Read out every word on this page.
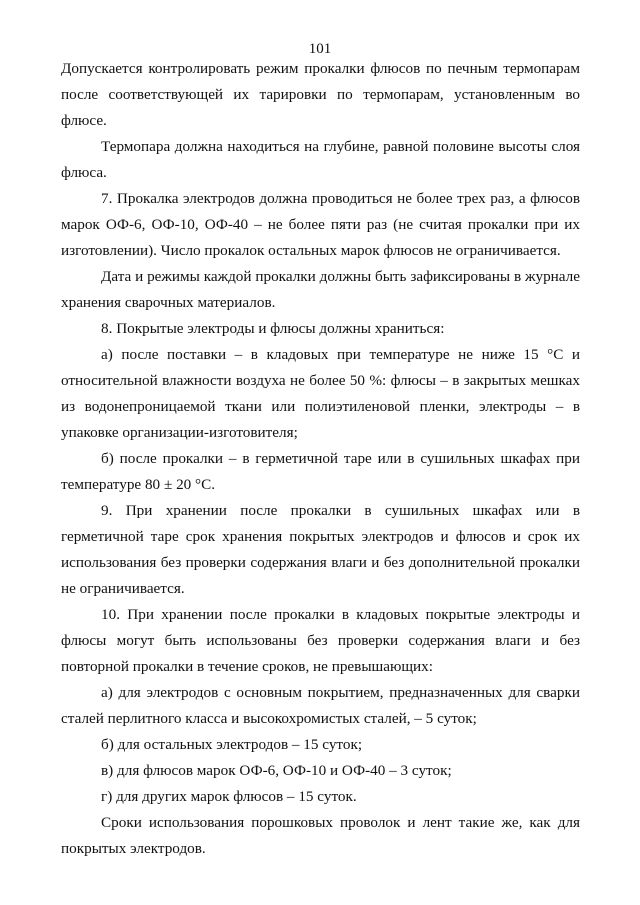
101

Допускается контролировать режим прокалки флюсов по печным термопарам после соответствующей их тарировки по термопарам, установленным во флюсе.

Термопара должна находиться на глубине, равной половине высоты слоя флюса.

7. Прокалка электродов должна проводиться не более трех раз, а флюсов марок ОФ-6, ОФ-10, ОФ-40 – не более пяти раз (не считая прокалки при их изготовлении). Число прокалок остальных марок флюсов не ограничивается.

Дата и режимы каждой прокалки должны быть зафиксированы в журнале хранения сварочных материалов.

8. Покрытые электроды и флюсы должны храниться:

а) после поставки – в кладовых при температуре не ниже 15 °С и относительной влажности воздуха не более 50 %: флюсы – в закрытых мешках из водонепроницаемой ткани или полиэтиленовой пленки, электроды – в упаковке организации-изготовителя;

б) после прокалки – в герметичной таре или в сушильных шкафах при температуре 80 ± 20 °С.

9. При хранении после прокалки в сушильных шкафах или в герметичной таре срок хранения покрытых электродов и флюсов и срок их использования без проверки содержания влаги и без дополнительной прокалки не ограничивается.

10. При хранении после прокалки в кладовых покрытые электроды и флюсы могут быть использованы без проверки содержания влаги и без повторной прокалки в течение сроков, не превышающих:

а) для электродов с основным покрытием, предназначенных для сварки сталей перлитного класса и высокохромистых сталей, – 5 суток;

б) для остальных электродов – 15 суток;

в) для флюсов марок ОФ-6, ОФ-10 и ОФ-40 – 3 суток;

г) для других марок флюсов – 15 суток.

Сроки использования порошковых проволок и лент такие же, как для покрытых электродов.
